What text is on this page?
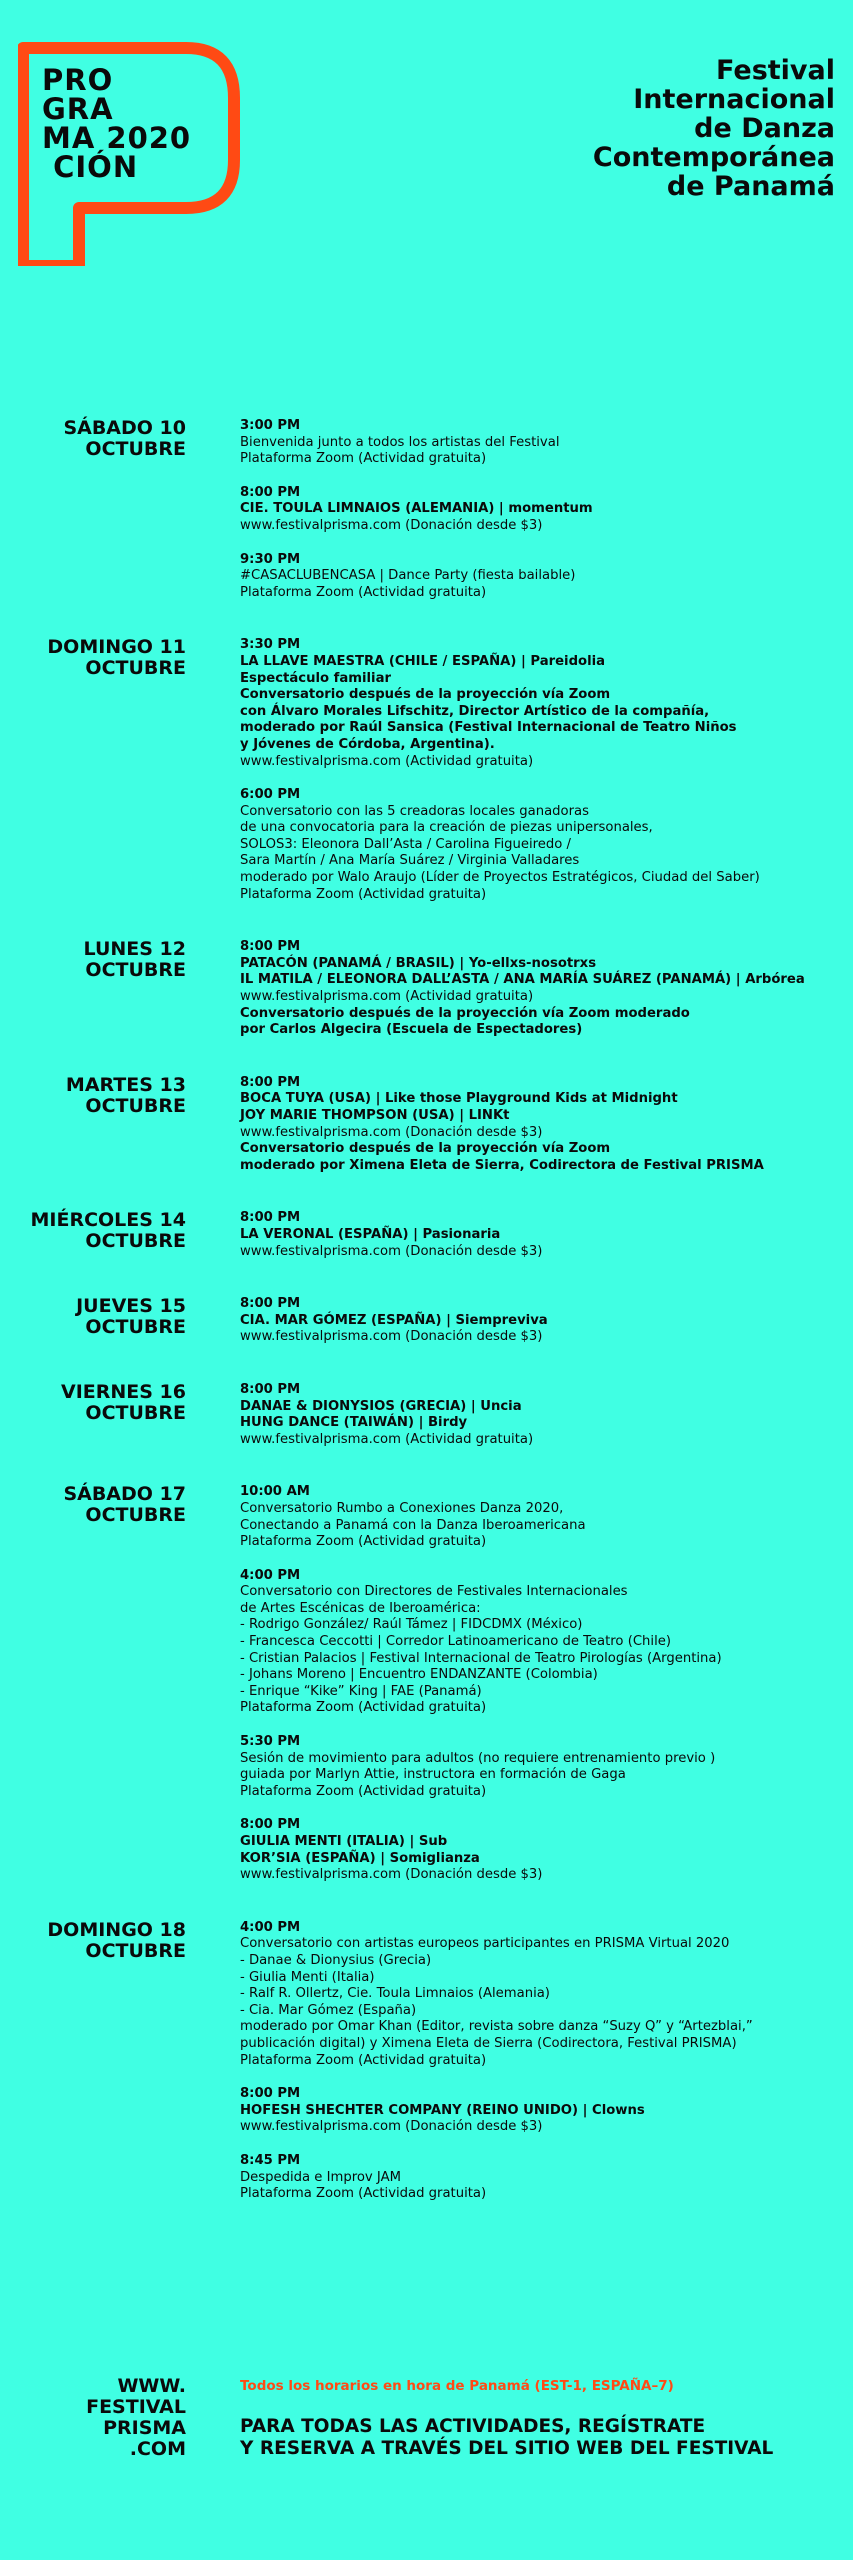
PRO
GRA
MA 2020
CIÓN
Festival
Internacional
de Danza
Contemporánea
de Panamá
SÁBADO 10
OCTUBRE
3:00 PM
Bienvenida junto a todos los artistas del Festival
Plataforma Zoom (Actividad gratuita)
8:00 PM
CIE. TOULA LIMNAIOS (ALEMANIA) | momentum
www.festivalprisma.com (Donación desde $3)
9:30 PM
#CASACLUBENCASA | Dance Party (fiesta bailable)
Plataforma Zoom (Actividad gratuita)
DOMINGO 11
OCTUBRE
3:30 PM
LA LLAVE MAESTRA (CHILE / ESPAÑA) | Pareidolia
Espectáculo familiar
Conversatorio después de la proyección vía Zoom
con Álvaro Morales Lifschitz, Director Artístico de la compañía,
moderado por Raúl Sansica (Festival Internacional de Teatro Niños
y Jóvenes de Córdoba, Argentina).
www.festivalprisma.com (Actividad gratuita)
6:00 PM
Conversatorio con las 5 creadoras locales ganadoras
de una convocatoria para la creación de piezas unipersonales,
SOLOS3: Eleonora Dall’Asta / Carolina Figueiredo /
Sara Martín / Ana María Suárez / Virginia Valladares
moderado por Walo Araujo (Líder de Proyectos Estratégicos, Ciudad del Saber)
Plataforma Zoom (Actividad gratuita)
LUNES 12
OCTUBRE
8:00 PM
PATACÓN (PANAMÁ / BRASIL) | Yo-ellxs-nosotrxs
IL MATILA / ELEONORA DALL’ASTA / ANA MARÍA SUÁREZ (PANAMÁ) | Arbórea
www.festivalprisma.com (Actividad gratuita)
Conversatorio después de la proyección vía Zoom moderado
por Carlos Algecira (Escuela de Espectadores)
MARTES 13
OCTUBRE
8:00 PM
BOCA TUYA (USA) | Like those Playground Kids at Midnight
JOY MARIE THOMPSON (USA) | LINKt
www.festivalprisma.com (Donación desde $3)
Conversatorio después de la proyección vía Zoom
moderado por Ximena Eleta de Sierra, Codirectora de Festival PRISMA
MIÉRCOLES 14
OCTUBRE
8:00 PM
LA VERONAL (ESPAÑA) | Pasionaria
www.festivalprisma.com (Donación desde $3)
JUEVES 15
OCTUBRE
8:00 PM
CIA. MAR GÓMEZ (ESPAÑA) | Siempreviva
www.festivalprisma.com (Donación desde $3)
VIERNES 16
OCTUBRE
8:00 PM
DANAE & DIONYSIOS (GRECIA) | Uncia
HUNG DANCE (TAIWÁN) | Birdy
www.festivalprisma.com (Actividad gratuita)
SÁBADO 17
OCTUBRE
10:00 AM
Conversatorio Rumbo a Conexiones Danza 2020,
Conectando a Panamá con la Danza Iberoamericana
Plataforma Zoom (Actividad gratuita)
4:00 PM
Conversatorio con Directores de Festivales Internacionales
de Artes Escénicas de Iberoamérica:
- Rodrigo González/ Raúl Támez | FIDCDMX (México)
- Francesca Ceccotti | Corredor Latinoamericano de Teatro (Chile)
- Cristian Palacios | Festival Internacional de Teatro Pirologías (Argentina)
- Johans Moreno | Encuentro ENDANZANTE (Colombia)
- Enrique “Kike” King | FAE (Panamá)
Plataforma Zoom (Actividad gratuita)
5:30 PM
Sesión de movimiento para adultos (no requiere entrenamiento previo )
guiada por Marlyn Attie, instructora en formación de Gaga
Plataforma Zoom (Actividad gratuita)
8:00 PM
GIULIA MENTI (ITALIA) | Sub
KOR’SIA (ESPAÑA) | Somiglianza
www.festivalprisma.com (Donación desde $3)
DOMINGO 18
OCTUBRE
4:00 PM
Conversatorio con artistas europeos participantes en PRISMA Virtual 2020
- Danae & Dionysius (Grecia)
- Giulia Menti (Italia)
- Ralf R. Ollertz, Cie. Toula Limnaios (Alemania)
- Cia. Mar Gómez (España)
moderado por Omar Khan (Editor, revista sobre danza “Suzy Q” y “Artezblai,”
publicación digital) y Ximena Eleta de Sierra (Codirectora, Festival PRISMA)
Plataforma Zoom (Actividad gratuita)
8:00 PM
HOFESH SHECHTER COMPANY (REINO UNIDO) | Clowns
www.festivalprisma.com (Donación desde $3)
8:45 PM
Despedida e Improv JAM
Plataforma Zoom (Actividad gratuita)
WWW.
FESTIVAL
PRISMA
.COM
Todos los horarios en hora de Panamá (EST-1, ESPAÑA–7)
PARA TODAS LAS ACTIVIDADES, REGÍSTRATE
Y RESERVA A TRAVÉS DEL SITIO WEB DEL FESTIVAL
